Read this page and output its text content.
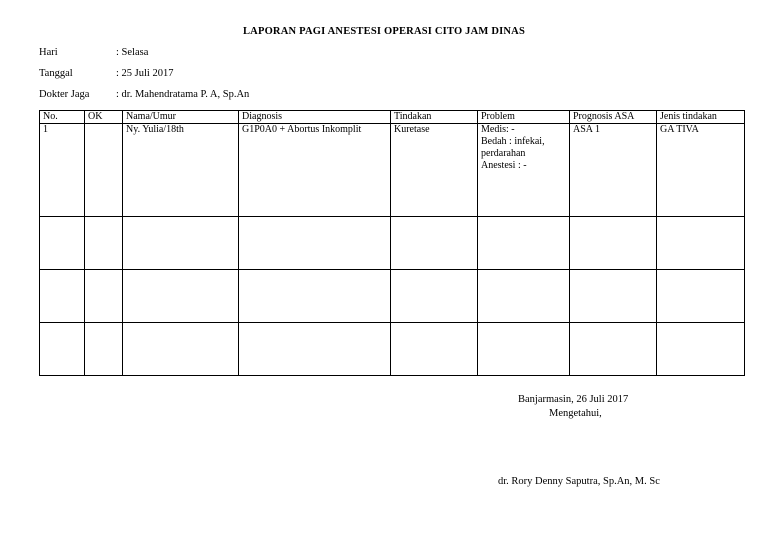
LAPORAN PAGI ANESTESI OPERASI CITO JAM DINAS
Hari	: Selasa
Tanggal	: 25 Juli 2017
Dokter Jaga	: dr. Mahendratama P. A, Sp.An
No.	OK	Nama/Umur	Diagnosis	Tindakan	Problem	Prognosis ASA	Jenis tindakan
1		Ny. Yulia/18th	G1P0A0 + Abortus Inkomplit	Kuretase	Medis: -
Bedah : infekai,
perdarahan
Anestesi : -	ASA 1	GA TIVA

Banjarmasin, 26 Juli 2017
Mengetahui,
dr. Rory Denny Saputra, Sp.An, M. Sc
